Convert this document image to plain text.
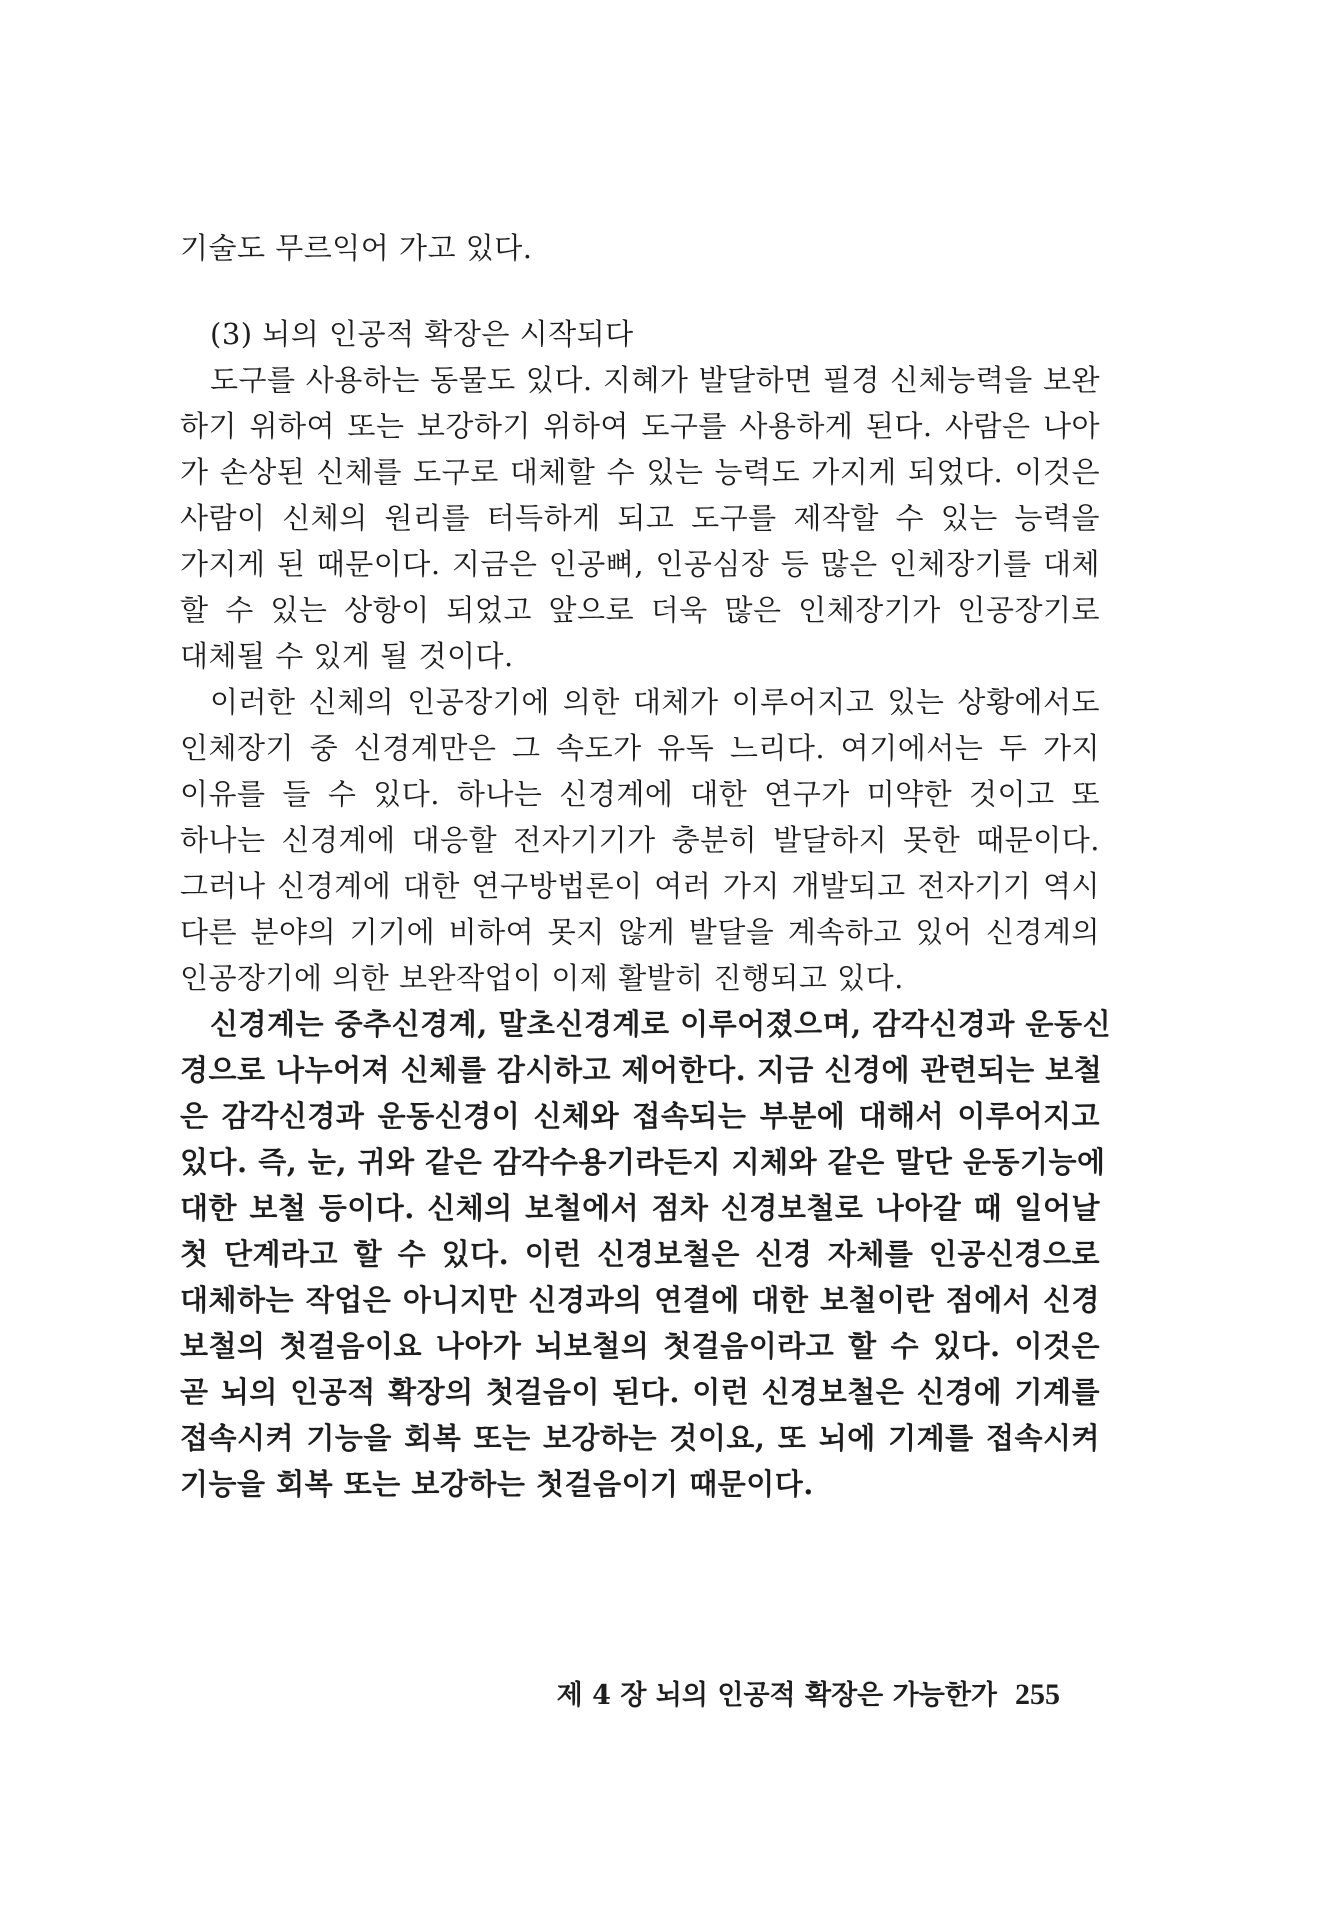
기술도 무르익어 가고 있다.
(3) 뇌의 인공적 확장은 시작되다
도구를 사용하는 동물도 있다. 지혜가 발달하면 필경 신체능력을 보완
하기 위하여 또는 보강하기 위하여 도구를 사용하게 된다. 사람은 나아
가 손상된 신체를 도구로 대체할 수 있는 능력도 가지게 되었다. 이것은
사람이 신체의 원리를 터득하게 되고 도구를 제작할 수 있는 능력을
가지게 된 때문이다. 지금은 인공뼈, 인공심장 등 많은 인체장기를 대체
할 수 있는 상항이 되었고 앞으로 더욱 많은 인체장기가 인공장기로
대체될 수 있게 될 것이다.
이러한 신체의 인공장기에 의한 대체가 이루어지고 있는 상황에서도
인체장기 중 신경계만은 그 속도가 유독 느리다. 여기에서는 두 가지
이유를 들 수 있다. 하나는 신경계에 대한 연구가 미약한 것이고 또
하나는 신경계에 대응할 전자기기가 충분히 발달하지 못한 때문이다.
그러나 신경계에 대한 연구방법론이 여러 가지 개발되고 전자기기 역시
다른 분야의 기기에 비하여 못지 않게 발달을 계속하고 있어 신경계의
인공장기에 의한 보완작업이 이제 활발히 진행되고 있다.
신경계는 중추신경계, 말초신경계로 이루어졌으며, 감각신경과 운동신
경으로 나누어져 신체를 감시하고 제어한다. 지금 신경에 관련되는 보철
은 감각신경과 운동신경이 신체와 접속되는 부분에 대해서 이루어지고
있다. 즉, 눈, 귀와 같은 감각수용기라든지 지체와 같은 말단 운동기능에
대한 보철 등이다. 신체의 보철에서 점차 신경보철로 나아갈 때 일어날
첫 단계라고 할 수 있다. 이런 신경보철은 신경 자체를 인공신경으로
대체하는 작업은 아니지만 신경과의 연결에 대한 보철이란 점에서 신경
보철의 첫걸음이요 나아가 뇌보철의 첫걸음이라고 할 수 있다. 이것은
곧 뇌의 인공적 확장의 첫걸음이 된다. 이런 신경보철은 신경에 기계를
접속시켜 기능을 회복 또는 보강하는 것이요, 또 뇌에 기계를 접속시켜
기능을 회복 또는 보강하는 첫걸음이기 때문이다.
제 4 장 뇌의 인공적 확장은 가능한가 255
